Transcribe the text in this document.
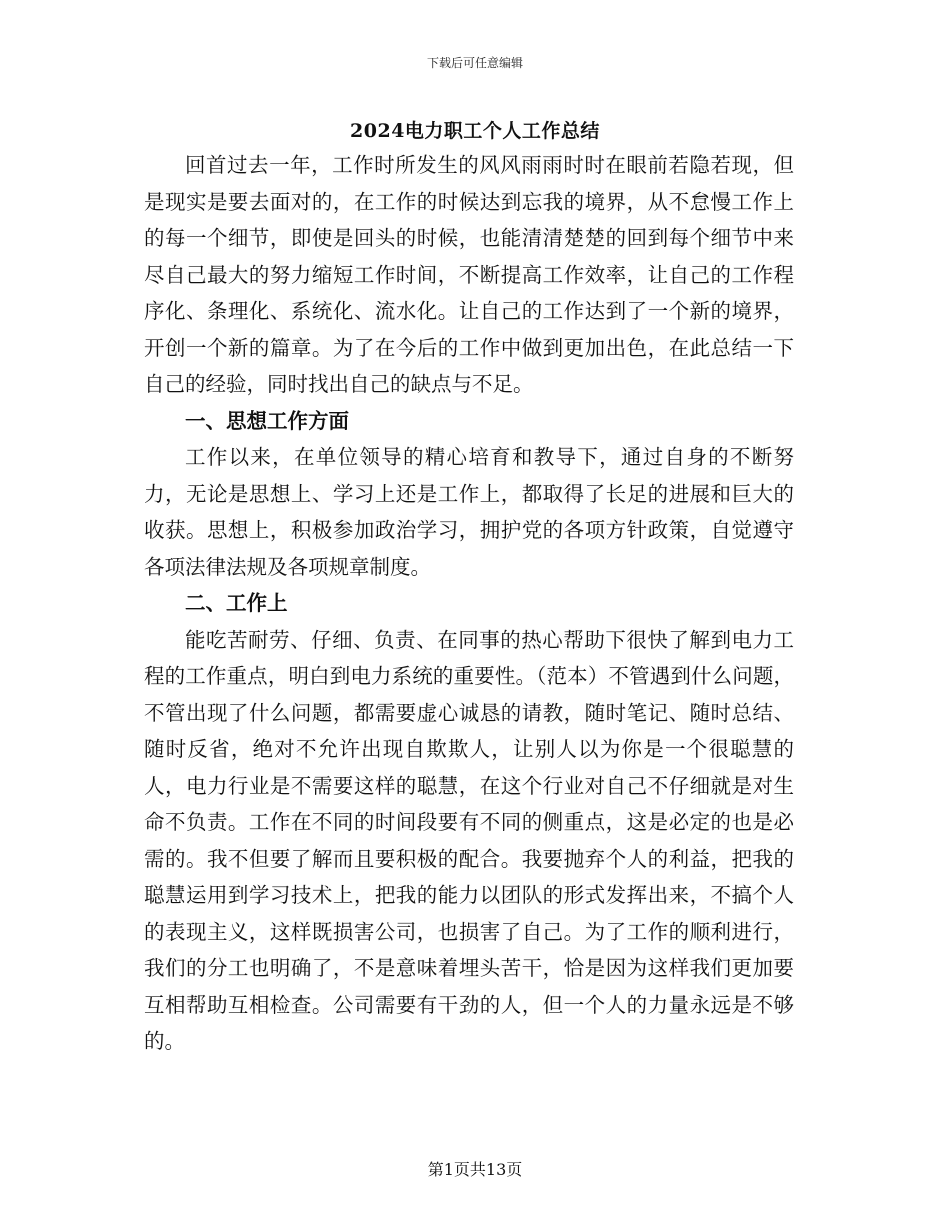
下载后可任意编辑
2024电力职工个人工作总结

回首过去一年，工作时所发生的风风雨雨时时在眼前若隐若现，但是现实是要去面对的，在工作的时候达到忘我的境界，从不怠慢工作上的每一个细节，即使是回头的时候，也能清清楚楚的回到每个细节中来尽自己最大的努力缩短工作时间，不断提高工作效率，让自己的工作程序化、条理化、系统化、流水化。让自己的工作达到了一个新的境界，开创一个新的篇章。为了在今后的工作中做到更加出色，在此总结一下自己的经验，同时找出自己的缺点与不足。

一、思想工作方面

工作以来，在单位领导的精心培育和教导下，通过自身的不断努力，无论是思想上、学习上还是工作上，都取得了长足的进展和巨大的收获。思想上，积极参加政治学习，拥护党的各项方针政策，自觉遵守各项法律法规及各项规章制度。

二、工作上

能吃苦耐劳、仔细、负责、在同事的热心帮助下很快了解到电力工程的工作重点，明白到电力系统的重要性。（范本）不管遇到什么问题，不管出现了什么问题，都需要虚心诚恳的请教，随时笔记、随时总结、随时反省，绝对不允许出现自欺欺人，让别人以为你是一个很聪慧的人，电力行业是不需要这样的聪慧，在这个行业对自己不仔细就是对生命不负责。工作在不同的时间段要有不同的侧重点，这是必定的也是必需的。我不但要了解而且要积极的配合。我要抛弃个人的利益，把我的聪慧运用到学习技术上，把我的能力以团队的形式发挥出来，不搞个人的表现主义，这样既损害公司，也损害了自己。为了工作的顺利进行，我们的分工也明确了，不是意味着埋头苦干，恰是因为这样我们更加要互相帮助互相检查。公司需要有干劲的人，但一个人的力量永远是不够的。

第1页共13页
